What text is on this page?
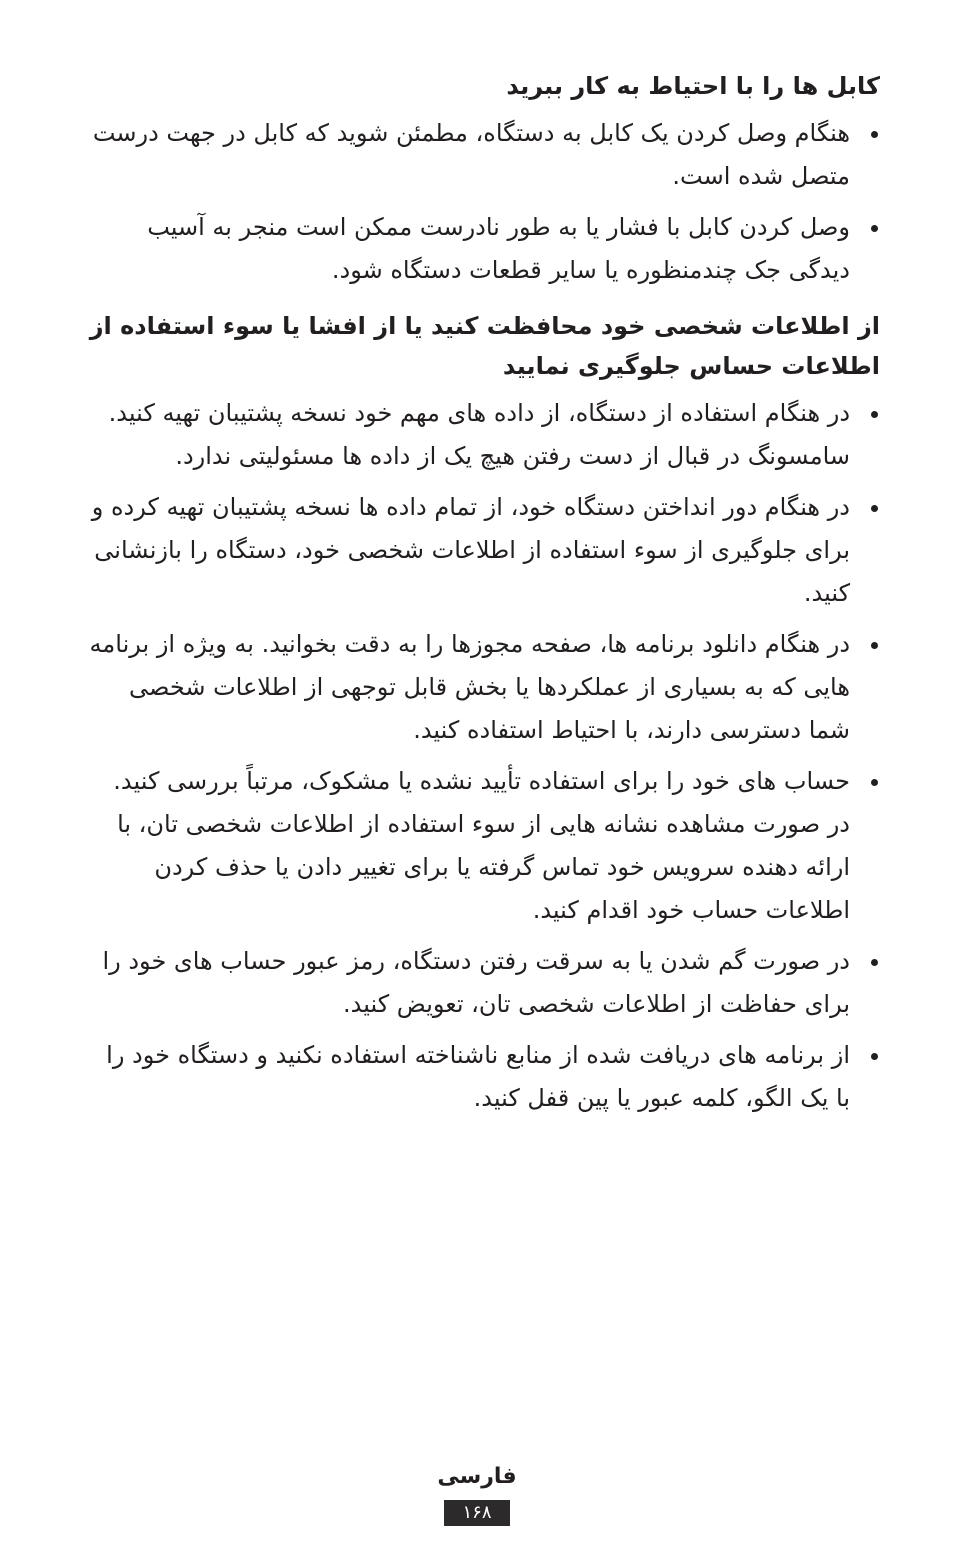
کابل ها را با احتیاط به کار ببرید
هنگام وصل کردن یک کابل به دستگاه، مطمئن شوید که کابل در جهت درست متصل شده است.
وصل کردن کابل با فشار یا به طور نادرست ممکن است منجر به آسیب دیدگی جک چندمنظوره یا سایر قطعات دستگاه شود.
از اطلاعات شخصی خود محافظت کنید یا از افشا یا سوء استفاده از اطلاعات حساس جلوگیری نمایید
در هنگام استفاده از دستگاه، از داده های مهم خود نسخه پشتیبان تهیه کنید. سامسونگ در قبال از دست رفتن هیچ یک از داده ها مسئولیتی ندارد.
در هنگام دور انداختن دستگاه خود، از تمام داده ها نسخه پشتیبان تهیه کرده و برای جلوگیری از سوء استفاده از اطلاعات شخصی خود، دستگاه را بازنشانی کنید.
در هنگام دانلود برنامه ها، صفحه مجوزها را به دقت بخوانید. به ویژه از برنامه هایی که به بسیاری از عملکردها یا بخش قابل توجهی از اطلاعات شخصی شما دسترسی دارند، با احتیاط استفاده کنید.
حساب های خود را برای استفاده تأیید نشده یا مشکوک، مرتباً بررسی کنید. در صورت مشاهده نشانه هایی از سوء استفاده از اطلاعات شخصی تان، با ارائه دهنده سرویس خود تماس گرفته یا برای تغییر دادن یا حذف کردن اطلاعات حساب خود اقدام کنید.
در صورت گم شدن یا به سرقت رفتن دستگاه، رمز عبور حساب های خود را برای حفاظت از اطلاعات شخصی تان، تعویض کنید.
از برنامه های دریافت شده از منابع ناشناخته استفاده نکنید و دستگاه خود را با یک الگو، کلمه عبور یا پین قفل کنید.
فارسی
۱۶۸
